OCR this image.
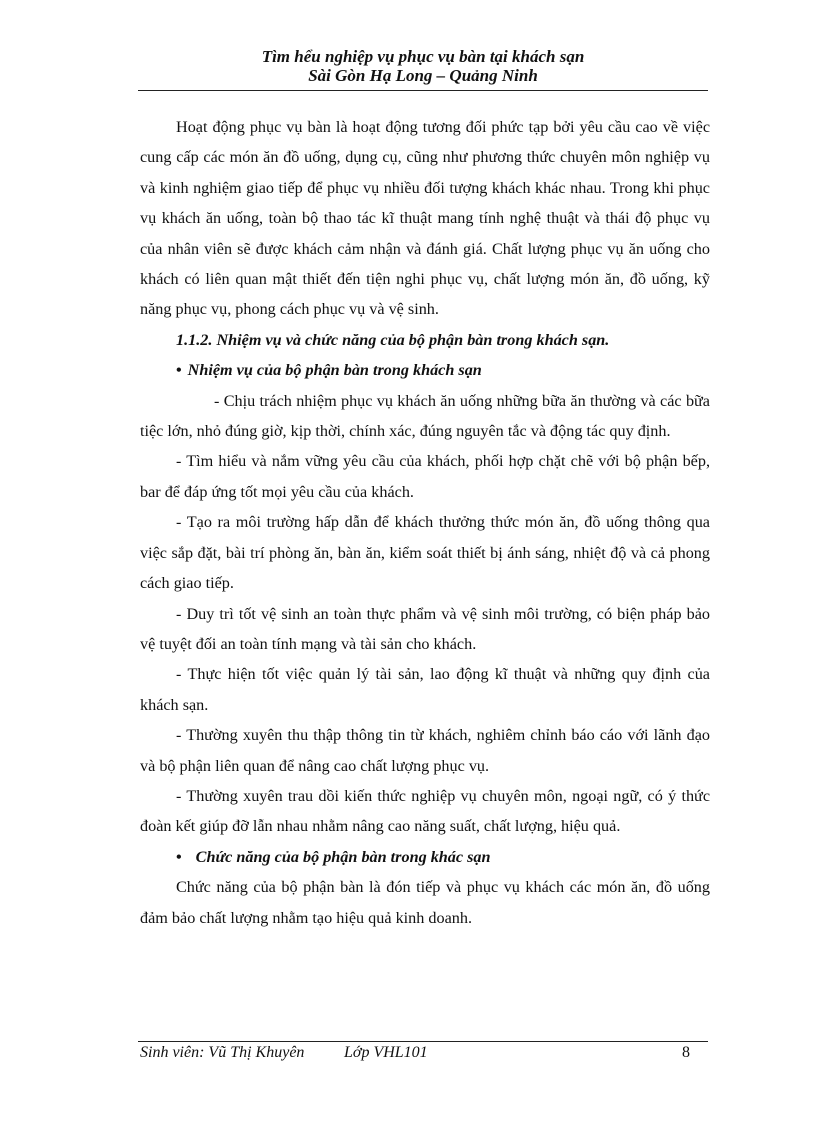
Tìm hểu nghiệp vụ phục vụ bàn tại khách sạn
Sài Gòn Hạ Long – Quảng Ninh

Hoạt động phục vụ bàn là hoạt động tương đối phức tạp bởi yêu cầu cao về việc cung cấp các món ăn đồ uống, dụng cụ, cũng như phương thức chuyên môn nghiệp vụ và kinh nghiệm giao tiếp để phục vụ nhiều đối tượng khách khác nhau. Trong khi phục vụ khách ăn uống, toàn bộ thao tác kĩ thuật mang tính nghệ thuật và thái độ phục vụ của nhân viên sẽ được khách cảm nhận và đánh giá. Chất lượng phục vụ ăn uống cho khách có liên quan mật thiết đến tiện nghi phục vụ, chất lượng món ăn, đồ uống, kỹ năng phục vụ, phong cách phục vụ và vệ sinh.

1.1.2. Nhiệm vụ và chức năng của bộ phận bàn trong khách sạn.

• Nhiệm vụ của bộ phận bàn trong khách sạn

- Chịu trách nhiệm phục vụ khách ăn uống những bữa ăn thường và các bữa tiệc lớn, nhỏ đúng giờ, kịp thời, chính xác, đúng nguyên tắc và động tác quy định.

- Tìm hiểu và nắm vững yêu cầu của khách, phối hợp chặt chẽ với bộ phận bếp, bar để đáp ứng tốt mọi yêu cầu của khách.

- Tạo ra môi trường hấp dẫn để khách thưởng thức món ăn, đồ uống thông qua việc sắp đặt, bài trí phòng ăn, bàn ăn, kiểm soát thiết bị ánh sáng, nhiệt độ và cả phong cách giao tiếp.

- Duy trì tốt vệ sinh an toàn thực phẩm và vệ sinh môi trường, có biện pháp bảo vệ tuyệt đối an toàn tính mạng và tài sản cho khách.

- Thực hiện tốt việc quản lý tài sản, lao động kĩ thuật và những quy định của khách sạn.

- Thường xuyên thu thập thông tin từ khách, nghiêm chỉnh báo cáo với lãnh đạo và bộ phận liên quan để nâng cao chất lượng phục vụ.

- Thường xuyên trau dồi kiến thức nghiệp vụ chuyên môn, ngoại ngữ, có ý thức đoàn kết giúp đỡ lẫn nhau nhằm nâng cao năng suất, chất lượng, hiệu quả.

• Chức năng của bộ phận bàn trong khác sạn

Chức năng của bộ phận bàn là đón tiếp và phục vụ khách các món ăn, đồ uống đảm bảo chất lượng nhằm tạo hiệu quả kinh doanh.

Sinh viên: Vũ Thị Khuyên Lớp VHL101	8
